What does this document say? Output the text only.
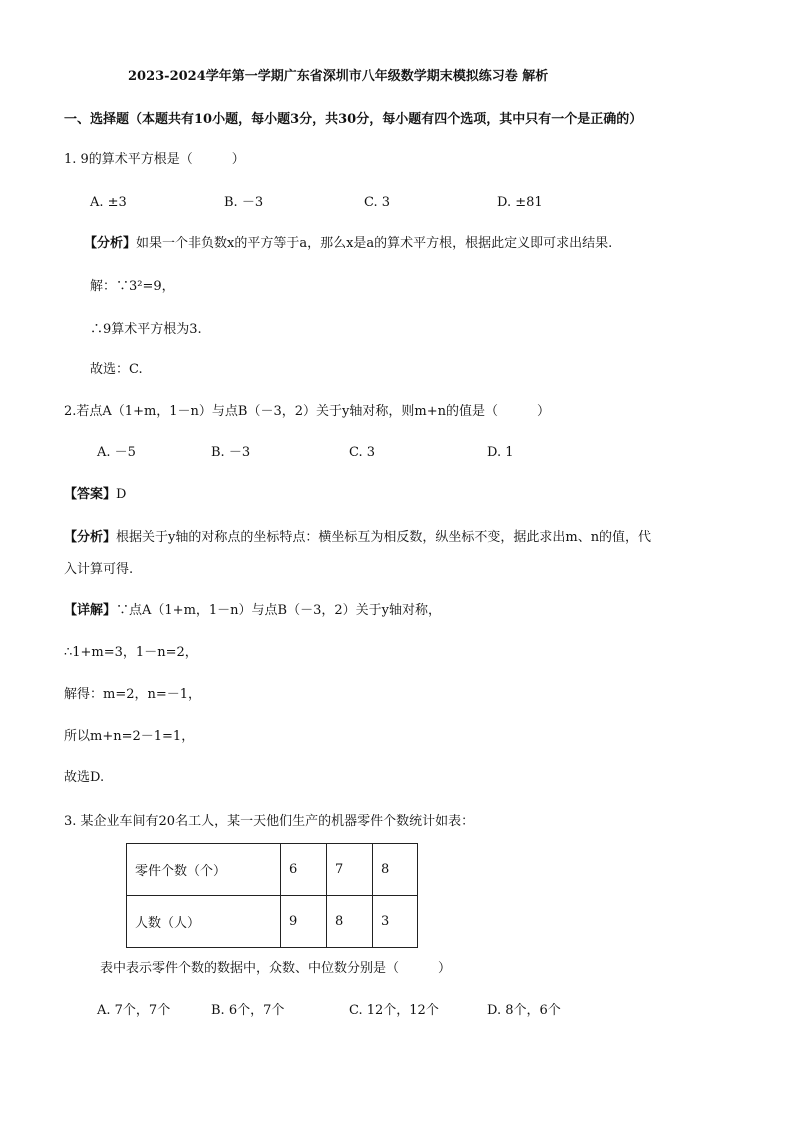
2023-2024学年第一学期广东省深圳市八年级数学期末模拟练习卷 解析
一、选择题（本题共有10小题，每小题3分，共30分，每小题有四个选项，其中只有一个是正确的）
1. 9的算术平方根是（　　　）
A. ±3	B. －3	C. 3	D. ±81
【分析】如果一个非负数x的平方等于a，那么x是a的算术平方根，根据此定义即可求出结果.
解：∵3²=9，
∴9算术平方根为3.
故选：C.
2.若点A（1+m，1－n）与点B（－3，2）关于y轴对称，则m+n的值是（　　　）
A. －5	B. －3	C. 3	D. 1
【答案】D
【分析】根据关于y轴的对称点的坐标特点：横坐标互为相反数，纵坐标不变，据此求出m、n的值，代
入计算可得.
【详解】∵点A（1+m，1－n）与点B（－3，2）关于y轴对称，
∴1+m=3，1－n=2，
解得：m=2，n=－1，
所以m+n=2－1=1，
故选D.
3. 某企业车间有20名工人，某一天他们生产的机器零件个数统计如表：
零件个数（个）	6	7	8
人数（人）	9	8	3
表中表示零件个数的数据中，众数、中位数分别是（　　　）
A. 7个，7个	B. 6个，7个	C. 12个，12个	D. 8个，6个
